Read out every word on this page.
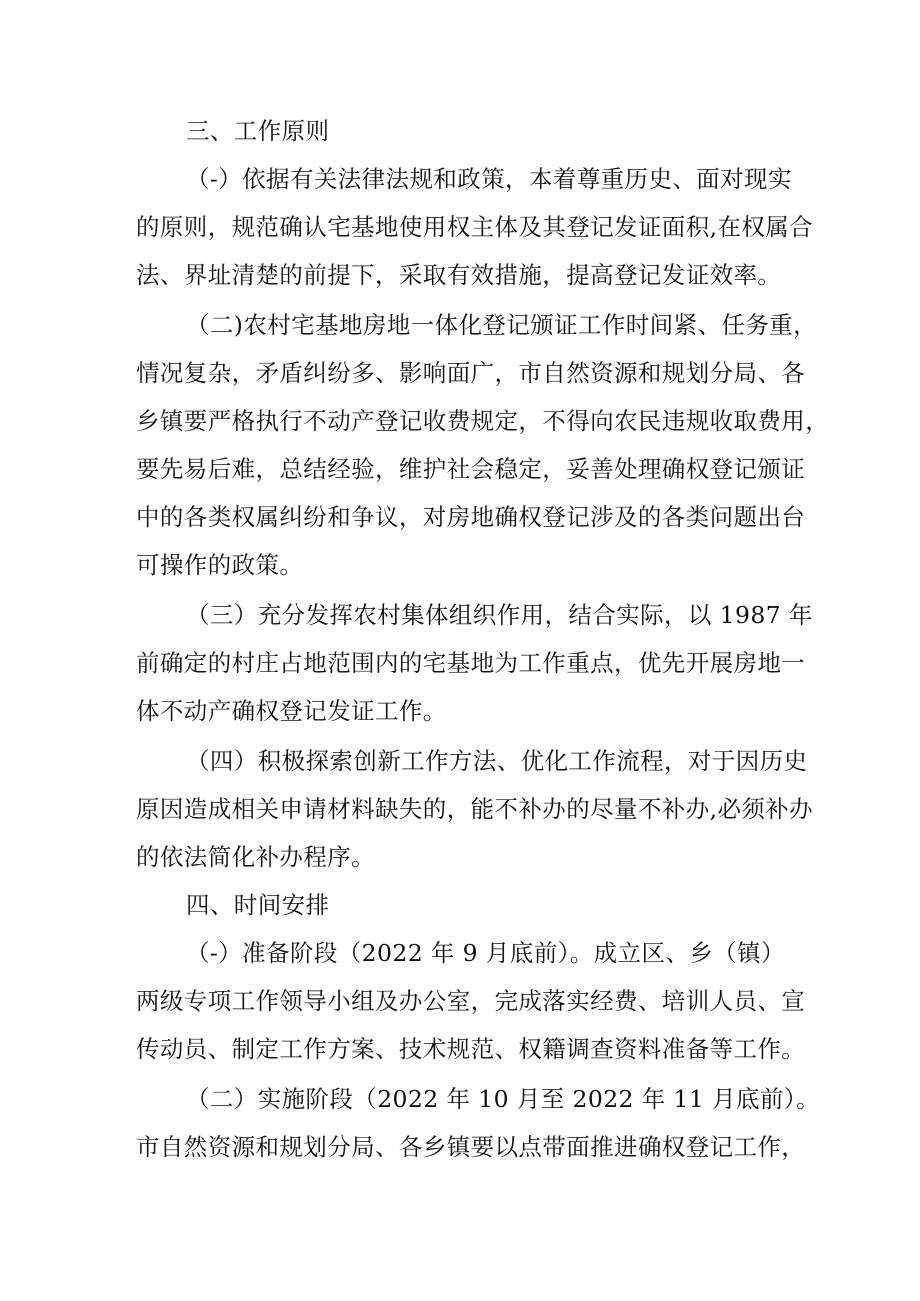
三、工作原则
（-）依据有关法律法规和政策，本着尊重历史、面对现实
的原则，规范确认宅基地使用权主体及其登记发证面积,在权属合
法、界址清楚的前提下，采取有效措施，提高登记发证效率。
（二)农村宅基地房地一体化登记颁证工作时间紧、任务重，
情况复杂，矛盾纠纷多、影响面广，市自然资源和规划分局、各
乡镇要严格执行不动产登记收费规定，不得向农民违规收取费用，
要先易后难，总结经验，维护社会稳定，妥善处理确权登记颁证
中的各类权属纠纷和争议，对房地确权登记涉及的各类问题出台
可操作的政策。
（三）充分发挥农村集体组织作用，结合实际，以 1987 年
前确定的村庄占地范围内的宅基地为工作重点，优先开展房地一
体不动产确权登记发证工作。
（四）积极探索创新工作方法、优化工作流程，对于因历史
原因造成相关申请材料缺失的，能不补办的尽量不补办,必须补办
的依法简化补办程序。
四、时间安排
（-）准备阶段（2022 年 9 月底前）。成立区、乡（镇）
两级专项工作领导小组及办公室，完成落实经费、培训人员、宣
传动员、制定工作方案、技术规范、权籍调查资料准备等工作。
（二）实施阶段（2022 年 10 月至 2022 年 11 月底前）。
市自然资源和规划分局、各乡镇要以点带面推进确权登记工作，
